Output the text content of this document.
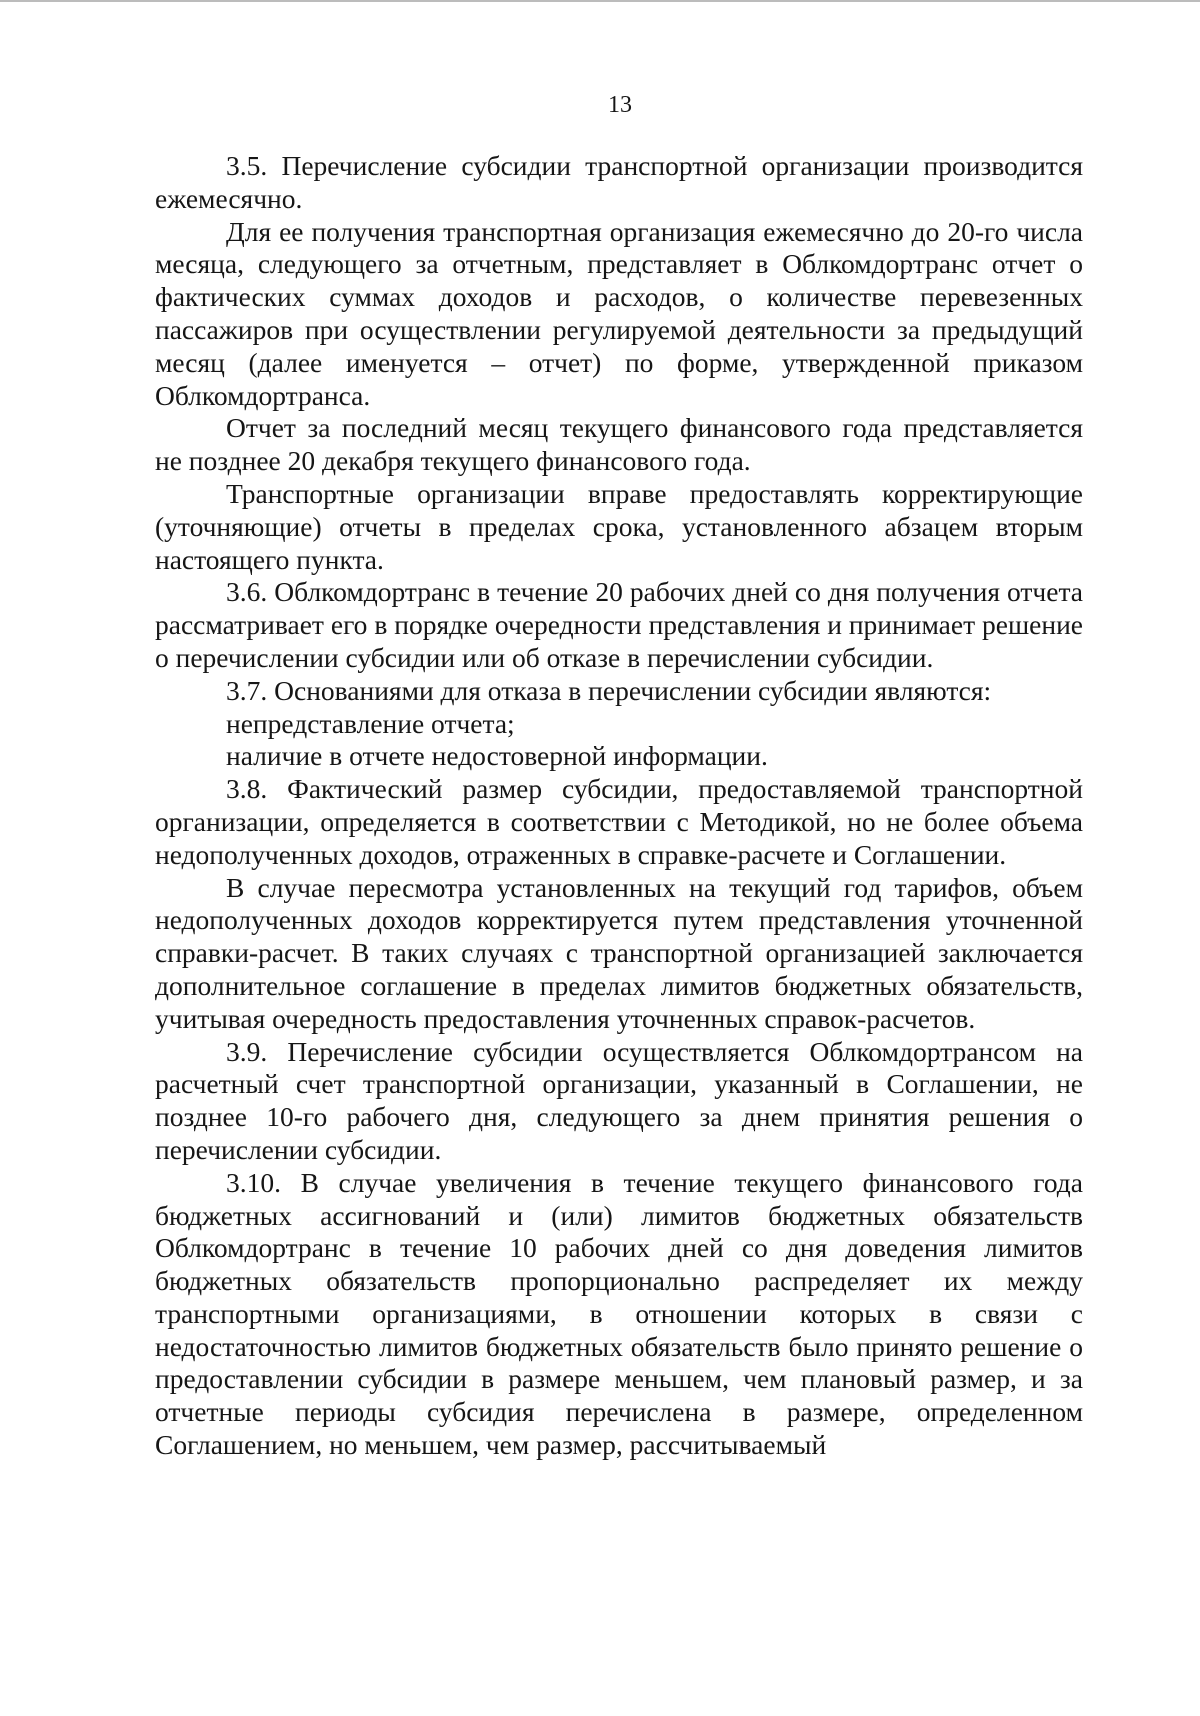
13

3.5. Перечисление субсидии транспортной организации производится ежемесячно.

Для ее получения транспортная организация ежемесячно до 20-го числа месяца, следующего за отчетным, представляет в Облкомдортранс отчет о фактических суммах доходов и расходов, о количестве перевезенных пассажиров при осуществлении регулируемой деятельности за предыдущий месяц (далее именуется – отчет) по форме, утвержденной приказом Облкомдортранса.

Отчет за последний месяц текущего финансового года представляется не позднее 20 декабря текущего финансового года.

Транспортные организации вправе предоставлять корректирующие (уточняющие) отчеты в пределах срока, установленного абзацем вторым настоящего пункта.

3.6. Облкомдортранс в течение 20 рабочих дней со дня получения отчета рассматривает его в порядке очередности представления и принимает решение о перечислении субсидии или об отказе в перечислении субсидии.

3.7. Основаниями для отказа в перечислении субсидии являются:

непредставление отчета;

наличие в отчете недостоверной информации.

3.8. Фактический размер субсидии, предоставляемой транспортной организации, определяется в соответствии с Методикой, но не более объема недополученных доходов, отраженных в справке-расчете и Соглашении.

В случае пересмотра установленных на текущий год тарифов, объем недополученных доходов корректируется путем представления уточненной справки-расчет. В таких случаях с транспортной организацией заключается дополнительное соглашение в пределах лимитов бюджетных обязательств, учитывая очередность предоставления уточненных справок-расчетов.

3.9. Перечисление субсидии осуществляется Облкомдортрансом на расчетный счет транспортной организации, указанный в Соглашении, не позднее 10-го рабочего дня, следующего за днем принятия решения о перечислении субсидии.

3.10. В случае увеличения в течение текущего финансового года бюджетных ассигнований и (или) лимитов бюджетных обязательств Облкомдортранс в течение 10 рабочих дней со дня доведения лимитов бюджетных обязательств пропорционально распределяет их между транспортными организациями, в отношении которых в связи с недостаточностью лимитов бюджетных обязательств было принято решение о предоставлении субсидии в размере меньшем, чем плановый размер, и за отчетные периоды субсидия перечислена в размере, определенном Соглашением, но меньшем, чем размер, рассчитываемый
